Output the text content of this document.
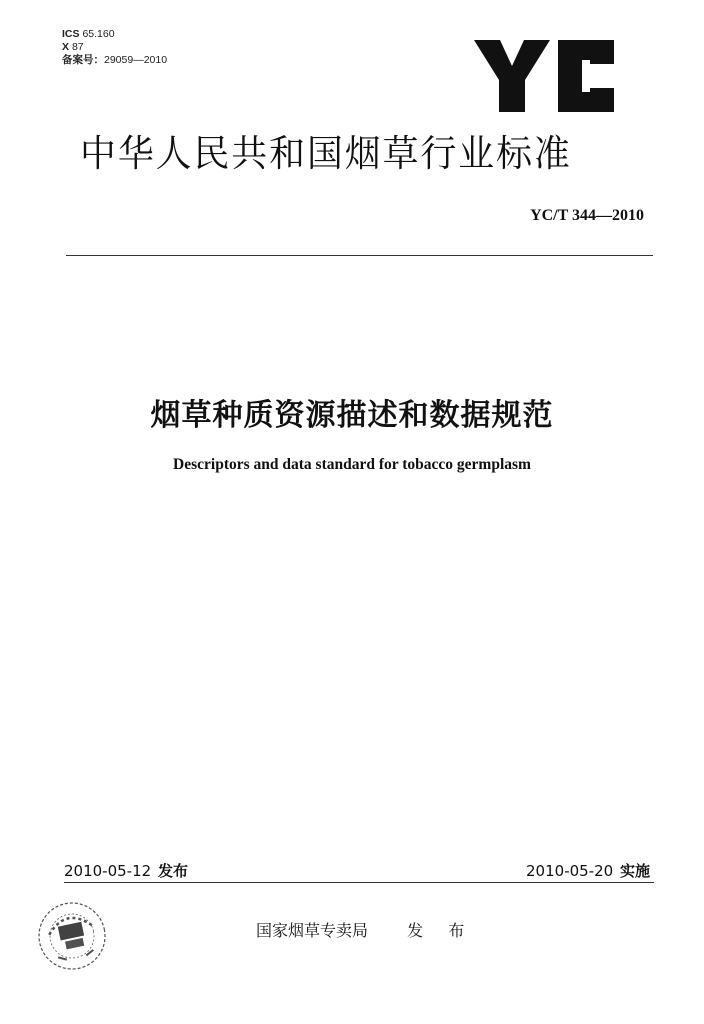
ICS 65.160
X 87
备案号：29059—2010
中华人民共和国烟草行业标准
YC/T 344—2010
烟草种质资源描述和数据规范
Descriptors and data standard for tobacco germplasm
2010-05-12 发布	2010-05-20 实施
国家烟草专卖局 发 布
